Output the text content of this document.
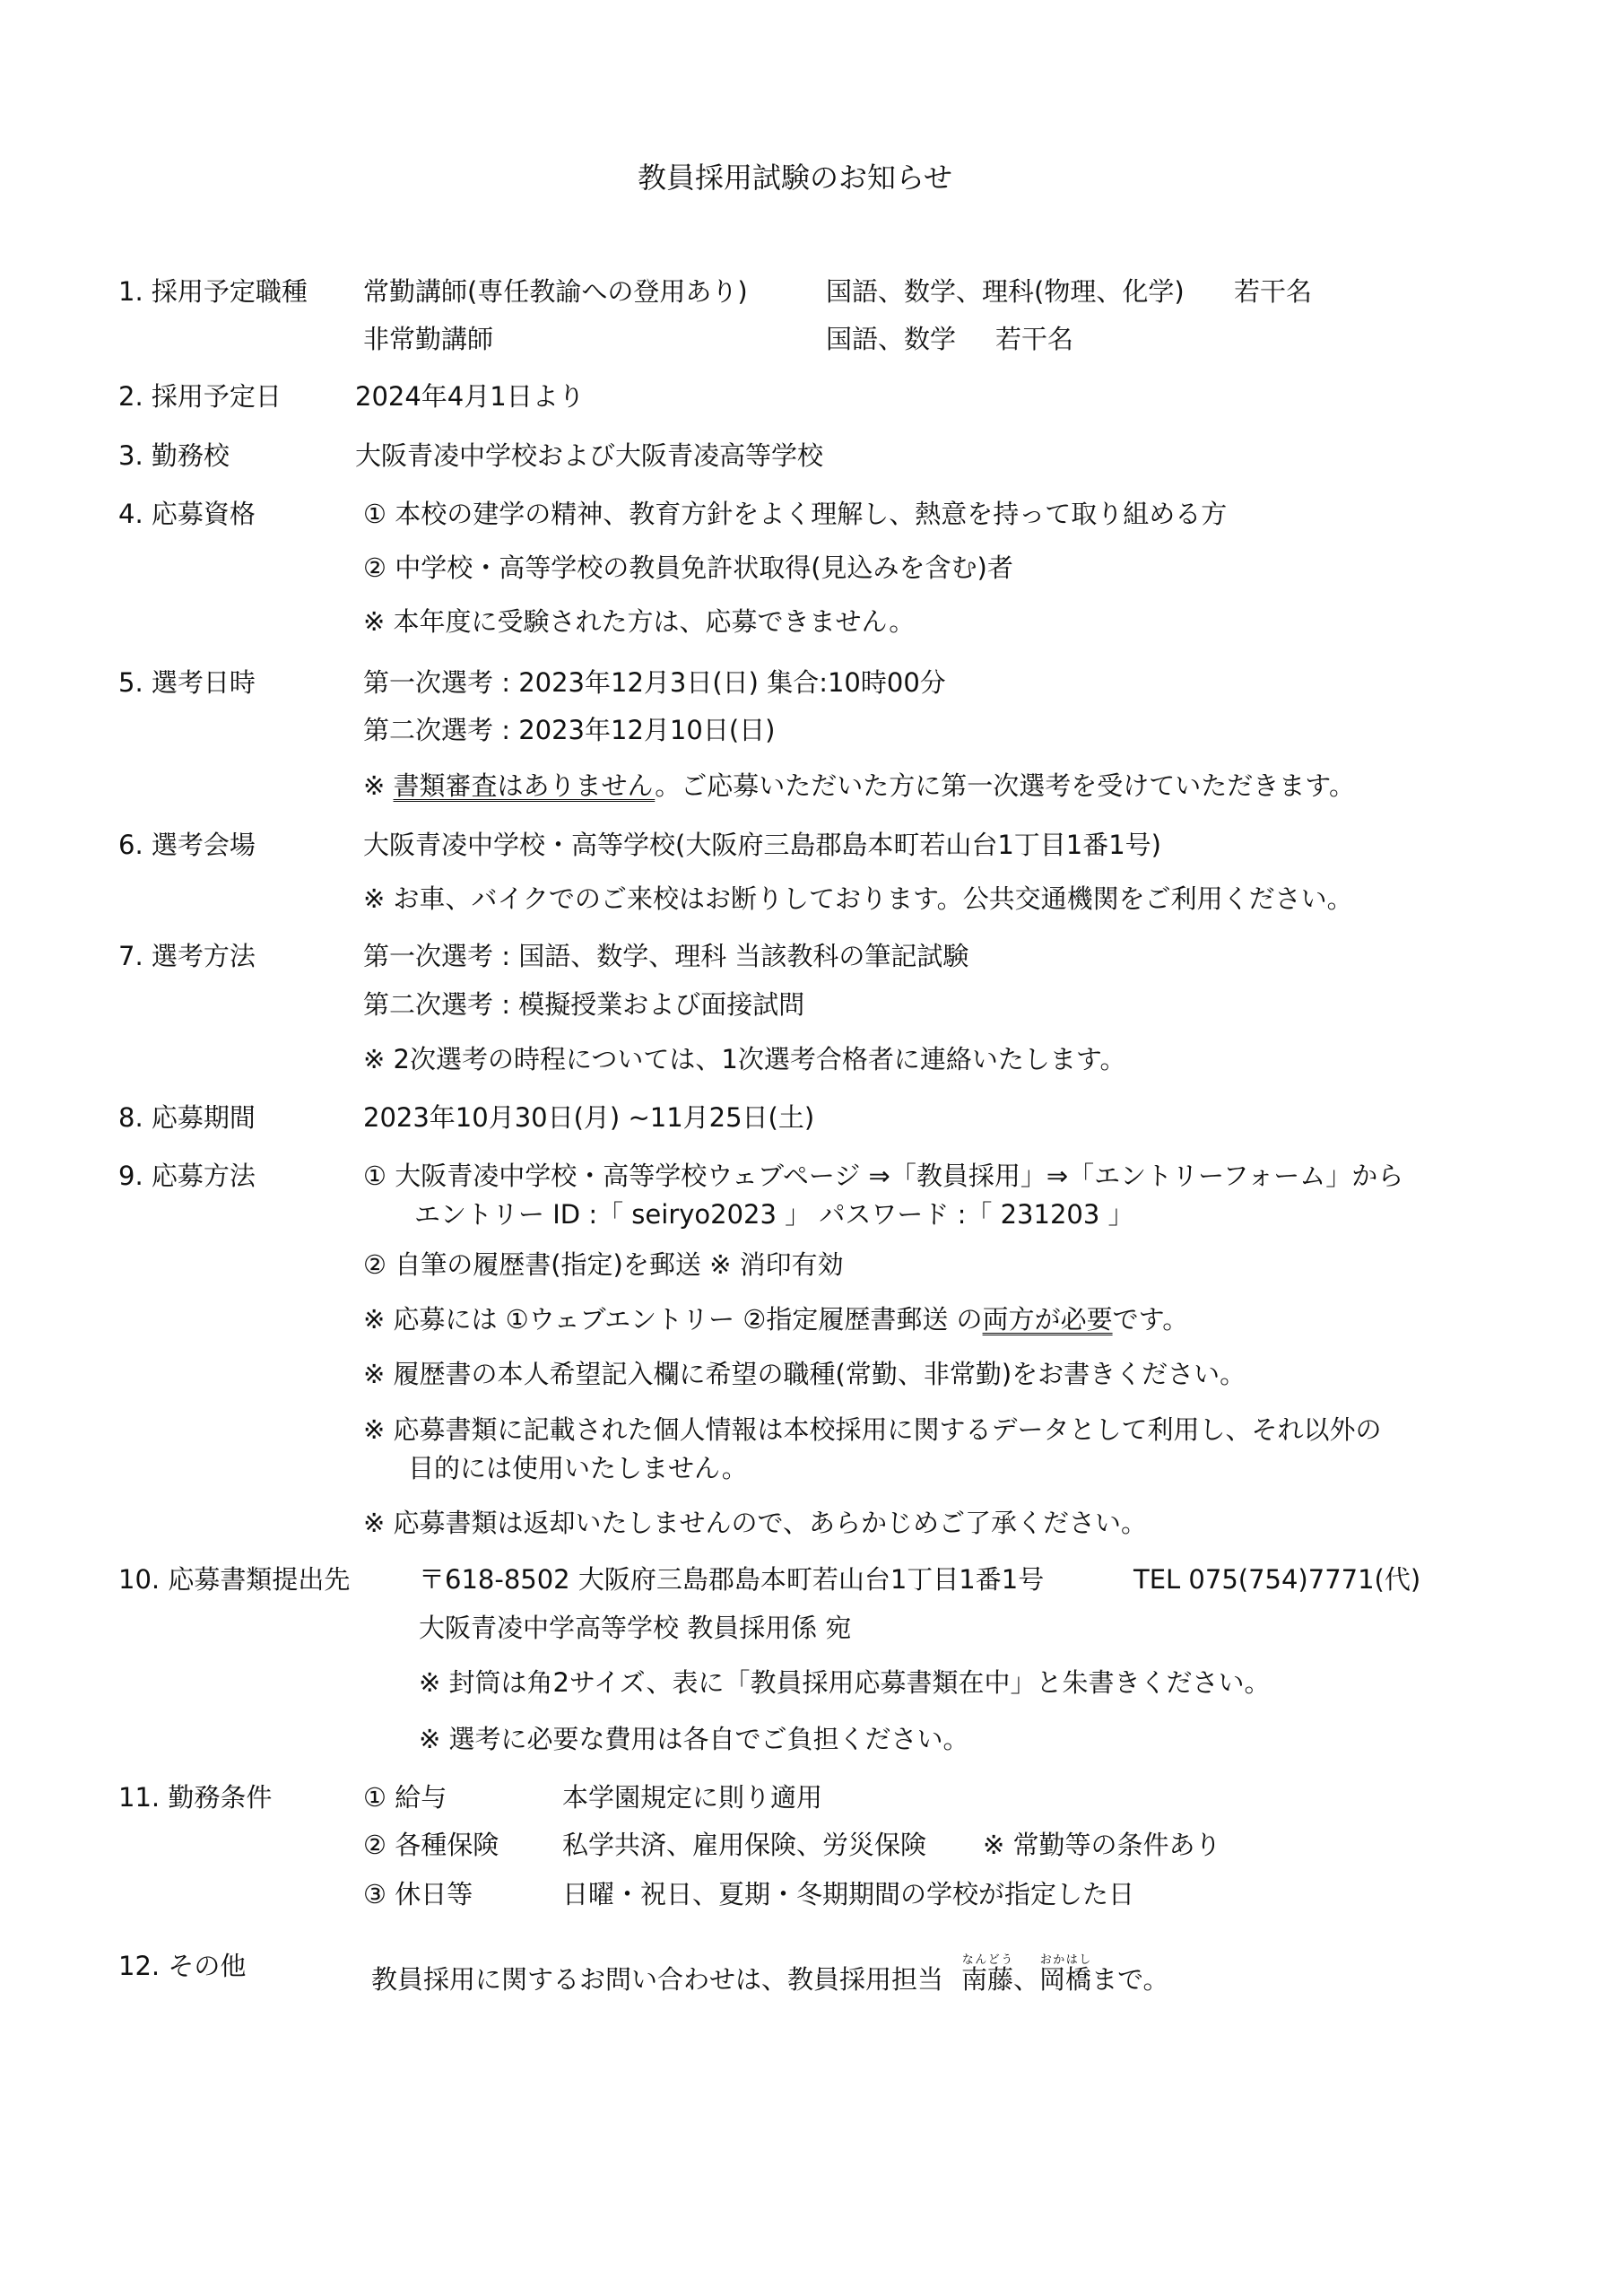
教員採用試験のお知らせ
1. 採用予定職種 常勤講師(専任教諭への登用あり)	国語、数学、理科(物理、化学) 若干名
非常勤講師	国語、数学 若干名
2. 採用予定日	2024年4月1日より
3. 勤務校	大阪青凌中学校および大阪青凌高等学校
4. 応募資格	① 本校の建学の精神、教育方針をよく理解し、熱意を持って取り組める方
② 中学校・高等学校の教員免許状取得(見込みを含む)者
※ 本年度に受験された方は、応募できません。
5. 選考日時	第一次選考 : 2023年12月3日(日) 集合:10時00分
第二次選考 : 2023年12月10日(日)
※ 書類審査はありません。ご応募いただいた方に第一次選考を受けていただきます。
6. 選考会場	大阪青凌中学校・高等学校(大阪府三島郡島本町若山台1丁目1番1号)
※ お車、バイクでのご来校はお断りしております。公共交通機関をご利用ください。
7. 選考方法	第一次選考 : 国語、数学、理科 当該教科の筆記試験
第二次選考 : 模擬授業および面接試問
※ 2次選考の時程については、1次選考合格者に連絡いたします。
8. 応募期間	2023年10月30日(月) ~11月25日(土)
9. 応募方法	① 大阪青凌中学校・高等学校ウェブページ ⇒「教員採用」⇒「エントリーフォーム」から
エントリー ID :「 seiryo2023 」 パスワード :「 231203 」
② 自筆の履歴書(指定)を郵送 ※ 消印有効
※ 応募には ①ウェブエントリー ②指定履歴書郵送 の両方が必要です。
※ 履歴書の本人希望記入欄に希望の職種(常勤、非常勤)をお書きください。
※ 応募書類に記載された個人情報は本校採用に関するデータとして利用し、それ以外の
目的には使用いたしません。
※ 応募書類は返却いたしませんので、あらかじめご了承ください。
10. 応募書類提出先	〒618-8502 大阪府三島郡島本町若山台1丁目1番1号	TEL 075(754)7771(代)
大阪青凌中学高等学校 教員採用係 宛
※ 封筒は角2サイズ、表に「教員採用応募書類在中」と朱書きください。
※ 選考に必要な費用は各自でご負担ください。
11. 勤務条件	① 給与	本学園規定に則り適用
② 各種保険 私学共済、雇用保険、労災保険 ※ 常勤等の条件あり
③ 休日等	日曜・祝日、夏期・冬期期間の学校が指定した日
12. その他	教員採用に関するお問い合わせは、教員採用担当 南藤なんどう、岡橋おかはしまで。
